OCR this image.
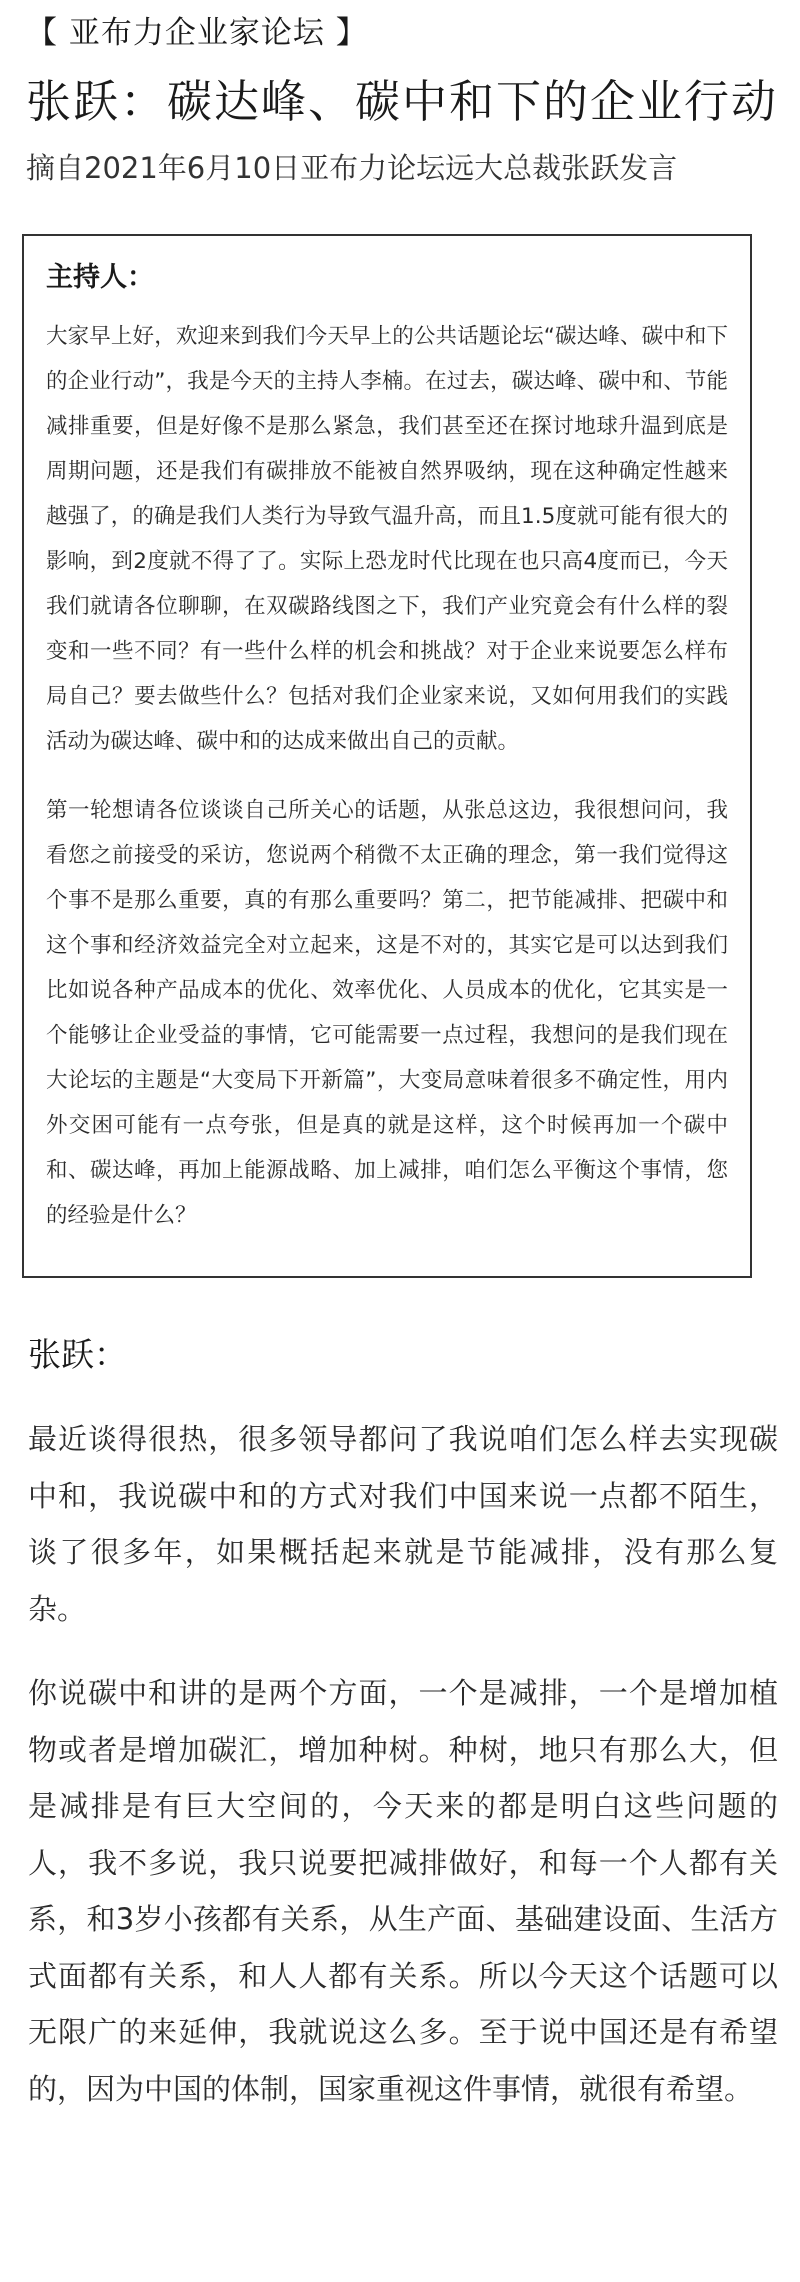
【 亚布力企业家论坛 】
张跃：碳达峰、碳中和下的企业行动
摘自2021年6月10日亚布力论坛远大总裁张跃发言
主持人：

大家早上好，欢迎来到我们今天早上的公共话题论坛“碳达峰、碳中和下的企业行动”，我是今天的主持人李楠。在过去，碳达峰、碳中和、节能减排重要，但是好像不是那么紧急，我们甚至还在探讨地球升温到底是周期问题，还是我们有碳排放不能被自然界吸纳，现在这种确定性越来越强了，的确是我们人类行为导致气温升高，而且1.5度就可能有很大的影响，到2度就不得了了。实际上恐龙时代比现在也只高4度而已，今天我们就请各位聊聊，在双碳路线图之下，我们产业究竟会有什么样的裂变和一些不同？有一些什么样的机会和挑战？对于企业来说要怎么样布局自己？要去做些什么？包括对我们企业家来说，又如何用我们的实践活动为碳达峰、碳中和的达成来做出自己的贡献。

第一轮想请各位谈谈自己所关心的话题，从张总这边，我很想问问，我看您之前接受的采访，您说两个稍微不太正确的理念，第一我们觉得这个事不是那么重要，真的有那么重要吗？第二，把节能减排、把碳中和这个事和经济效益完全对立起来，这是不对的，其实它是可以达到我们比如说各种产品成本的优化、效率优化、人员成本的优化，它其实是一个能够让企业受益的事情，它可能需要一点过程，我想问的是我们现在大论坛的主题是“大变局下开新篇”，大变局意味着很多不确定性，用内外交困可能有一点夸张，但是真的就是这样，这个时候再加一个碳中和、碳达峰，再加上能源战略、加上减排，咱们怎么平衡这个事情，您的经验是什么？

张跃：

最近谈得很热，很多领导都问了我说咱们怎么样去实现碳中和，我说碳中和的方式对我们中国来说一点都不陌生，谈了很多年，如果概括起来就是节能减排，没有那么复杂。

你说碳中和讲的是两个方面，一个是减排，一个是增加植物或者是增加碳汇，增加种树。种树，地只有那么大，但是减排是有巨大空间的，今天来的都是明白这些问题的人，我不多说，我只说要把减排做好，和每一个人都有关系，和3岁小孩都有关系，从生产面、基础建设面、生活方式面都有关系，和人人都有关系。所以今天这个话题可以无限广的来延伸，我就说这么多。至于说中国还是有希望的，因为中国的体制，国家重视这件事情，就很有希望。
